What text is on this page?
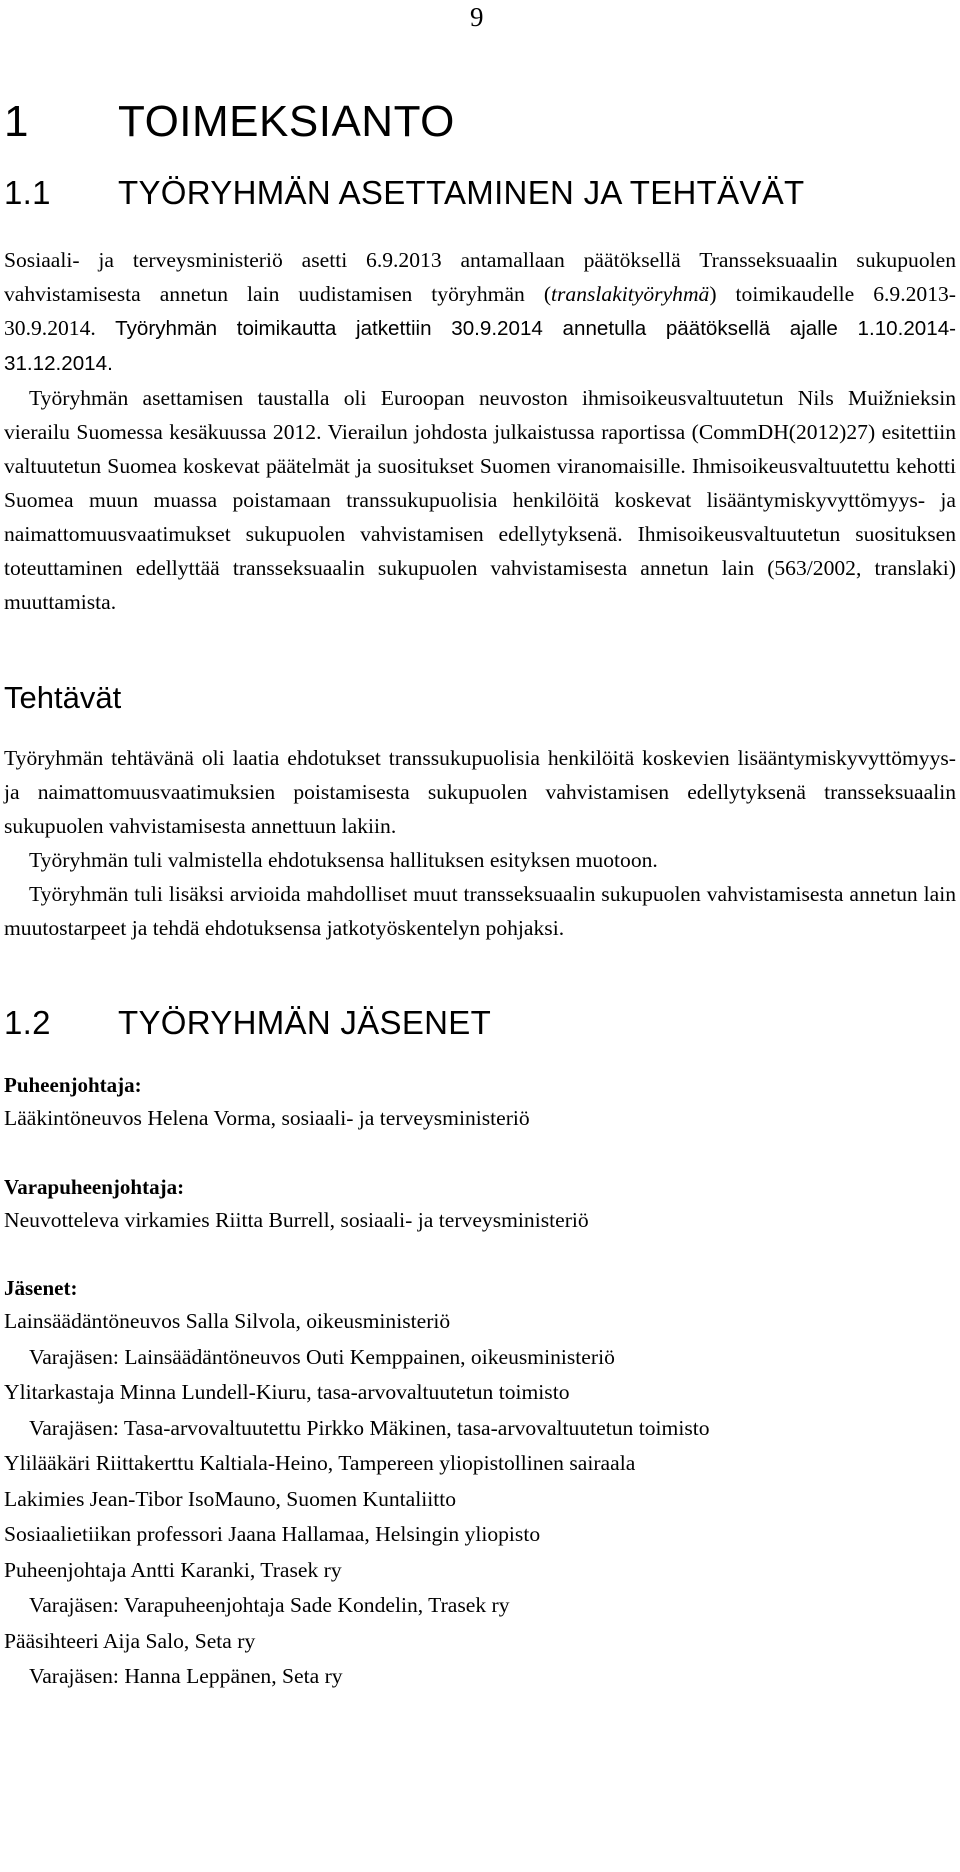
9
1 TOIMEKSIANTO
1.1 TYÖRYHMÄN ASETTAMINEN JA TEHTÄVÄT

Sosiaali- ja terveysministeriö asetti 6.9.2013 antamallaan päätöksellä Transseksuaalin sukupuolen vahvistamisesta annetun lain uudistamisen työryhmän (translakityöryhmä) toimikaudelle 6.9.2013- 30.9.2014. Työryhmän toimikautta jatkettiin 30.9.2014 annetulla päätöksellä ajalle 1.10.2014- 31.12.2014.

Työryhmän asettamisen taustalla oli Euroopan neuvoston ihmisoikeusvaltuutetun Nils Muižnieksin vierailu Suomessa kesäkuussa 2012. Vierailun johdosta julkaistussa raportissa (CommDH(2012)27) esitettiin valtuutetun Suomea koskevat päätelmät ja suositukset Suomen viranomaisille. Ihmisoikeusvaltuutettu kehotti Suomea muun muassa poistamaan transsukupuolisia henkilöitä koskevat lisääntymiskyvyttömyys- ja naimattomuusvaatimukset sukupuolen vahvistamisen edellytyksenä. Ihmisoikeusvaltuutetun suosituksen toteuttaminen edellyttää transseksuaalin sukupuolen vahvistamisesta annetun lain (563/2002, translaki) muuttamista.

Tehtävät

Työryhmän tehtävänä oli laatia ehdotukset transsukupuolisia henkilöitä koskevien lisääntymiskyvyttömyys- ja naimattomuusvaatimuksien poistamisesta sukupuolen vahvistamisen edellytyksenä transseksuaalin sukupuolen vahvistamisesta annettuun lakiin.

Työryhmän tuli valmistella ehdotuksensa hallituksen esityksen muotoon.

Työryhmän tuli lisäksi arvioida mahdolliset muut transseksuaalin sukupuolen vahvistamisesta annetun lain muutostarpeet ja tehdä ehdotuksensa jatkotyöskentelyn pohjaksi.

1.2 TYÖRYHMÄN JÄSENET
Puheenjohtaja:
Lääkintöneuvos Helena Vorma, sosiaali- ja terveysministeriö
Varapuheenjohtaja:
Neuvotteleva virkamies Riitta Burrell, sosiaali- ja terveysministeriö
Jäsenet:
Lainsäädäntöneuvos Salla Silvola, oikeusministeriö
Varajäsen: Lainsäädäntöneuvos Outi Kemppainen, oikeusministeriö
Ylitarkastaja Minna Lundell-Kiuru, tasa-arvovaltuutetun toimisto
Varajäsen: Tasa-arvovaltuutettu Pirkko Mäkinen, tasa-arvovaltuutetun toimisto
Ylilääkäri Riittakerttu Kaltiala-Heino, Tampereen yliopistollinen sairaala
Lakimies Jean-Tibor IsoMauno, Suomen Kuntaliitto
Sosiaalietiikan professori Jaana Hallamaa, Helsingin yliopisto
Puheenjohtaja Antti Karanki, Trasek ry
Varajäsen: Varapuheenjohtaja Sade Kondelin, Trasek ry
Pääsihteeri Aija Salo, Seta ry
Varajäsen: Hanna Leppänen, Seta ry
